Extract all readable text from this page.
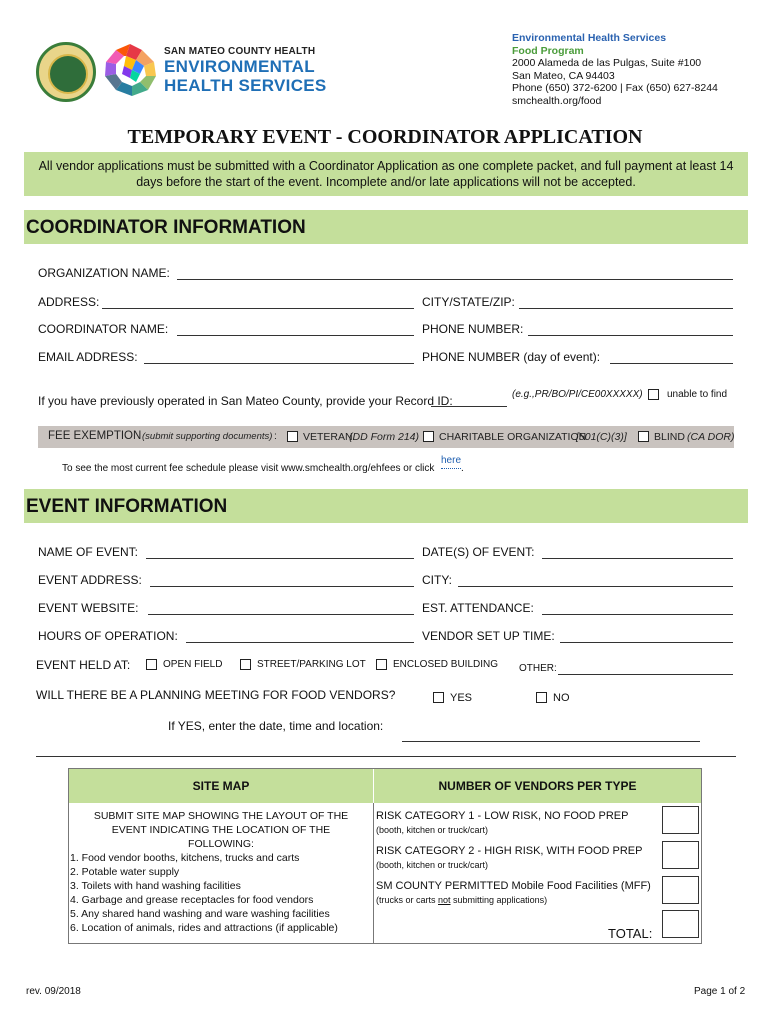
SAN MATEO COUNTY HEALTH
ENVIRONMENTAL
HEALTH SERVICES
Environmental Health Services
Food Program
2000 Alameda de las Pulgas, Suite #100
San Mateo, CA 94403
Phone (650) 372-6200 | Fax (650) 627-8244
smchealth.org/food
TEMPORARY EVENT - COORDINATOR APPLICATION
All vendor applications must be submitted with a Coordinator Application as one complete packet, and full payment at least 14 days before the start of the event. Incomplete and/or late applications will not be accepted.
COORDINATOR INFORMATION
ORGANIZATION NAME:
ADDRESS:	CITY/STATE/ZIP:
COORDINATOR NAME:	PHONE NUMBER:
EMAIL ADDRESS:	PHONE NUMBER (day of event):
If you have previously operated in San Mateo County, provide your Record ID:	(e.g.,PR/BO/PI/CE00XXXXX) unable to find
FEE EXEMPTION (submit supporting documents) : VETERAN
(DD Form 214) CHARITABLE ORGANIZATION
[501(C)(3)]	BLIND (CA DOR)
To see the most current fee schedule please visit www.smchealth.org/ehfees or click
here
.
EVENT INFORMATION
NAME OF EVENT:	DATE(S) OF EVENT:
EVENT ADDRESS:	CITY:
EVENT WEBSITE:	EST. ATTENDANCE:
HOURS OF OPERATION:	VENDOR SET UP TIME:
EVENT HELD AT:	OPEN FIELD	STREET/PARKING LOT	ENCLOSED BUILDING OTHER:
WILL THERE BE A PLANNING MEETING FOR FOOD VENDORS?	YES	NO
If YES, enter the date, time and location:
SITE MAP	NUMBER OF VENDORS PER TYPE
SUBMIT SITE MAP SHOWING THE LAYOUT OF THE
EVENT INDICATING THE LOCATION OF THE
FOLLOWING:
1. Food vendor booths, kitchens, trucks and carts
2. Potable water supply
3. Toilets with hand washing facilities
4. Garbage and grease receptacles for food vendors
5. Any shared hand washing and ware washing facilities
6. Location of animals, rides and attractions (if applicable)
RISK CATEGORY 1 - LOW RISK, NO FOOD PREP
(booth, kitchen or truck/cart)
RISK CATEGORY 2 - HIGH RISK, WITH FOOD PREP
(booth, kitchen or truck/cart)
SM COUNTY PERMITTED Mobile Food Facilities (MFF)
(trucks or carts not submitting applications)
TOTAL:
rev. 09/2018	Page 1 of 2
